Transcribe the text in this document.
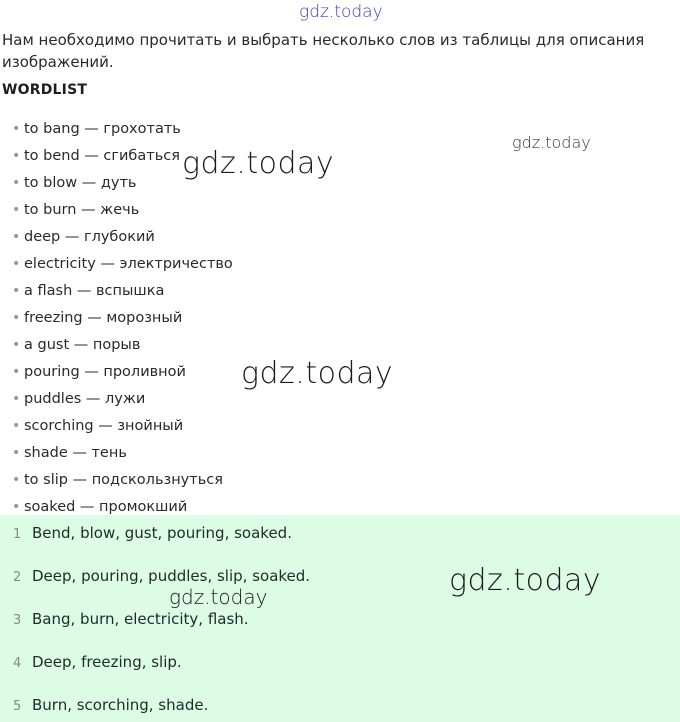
gdz.today
Нам необходимо прочитать и выбрать несколько слов из таблицы для описания изображений.
WORDLIST
• to bang — грохотать
• to bend — сгибаться
• to blow — дуть
• to burn — жечь
• deep — глубокий
• electricity — электричество
• a flash — вспышка
• freezing — морозный
• a gust — порыв
• pouring — проливной
• puddles — лужи
• scorching — знойный
• shade — тень
• to slip — подскользнуться
• soaked — промокший
1 Bend, blow, gust, pouring, soaked.
2 Deep, pouring, puddles, slip, soaked.
3 Bang, burn, electricity, flash.
4 Deep, freezing, slip.
5 Burn, scorching, shade.
gdz.today
gdz.today
gdz.today
gdz.today
gdz.today
